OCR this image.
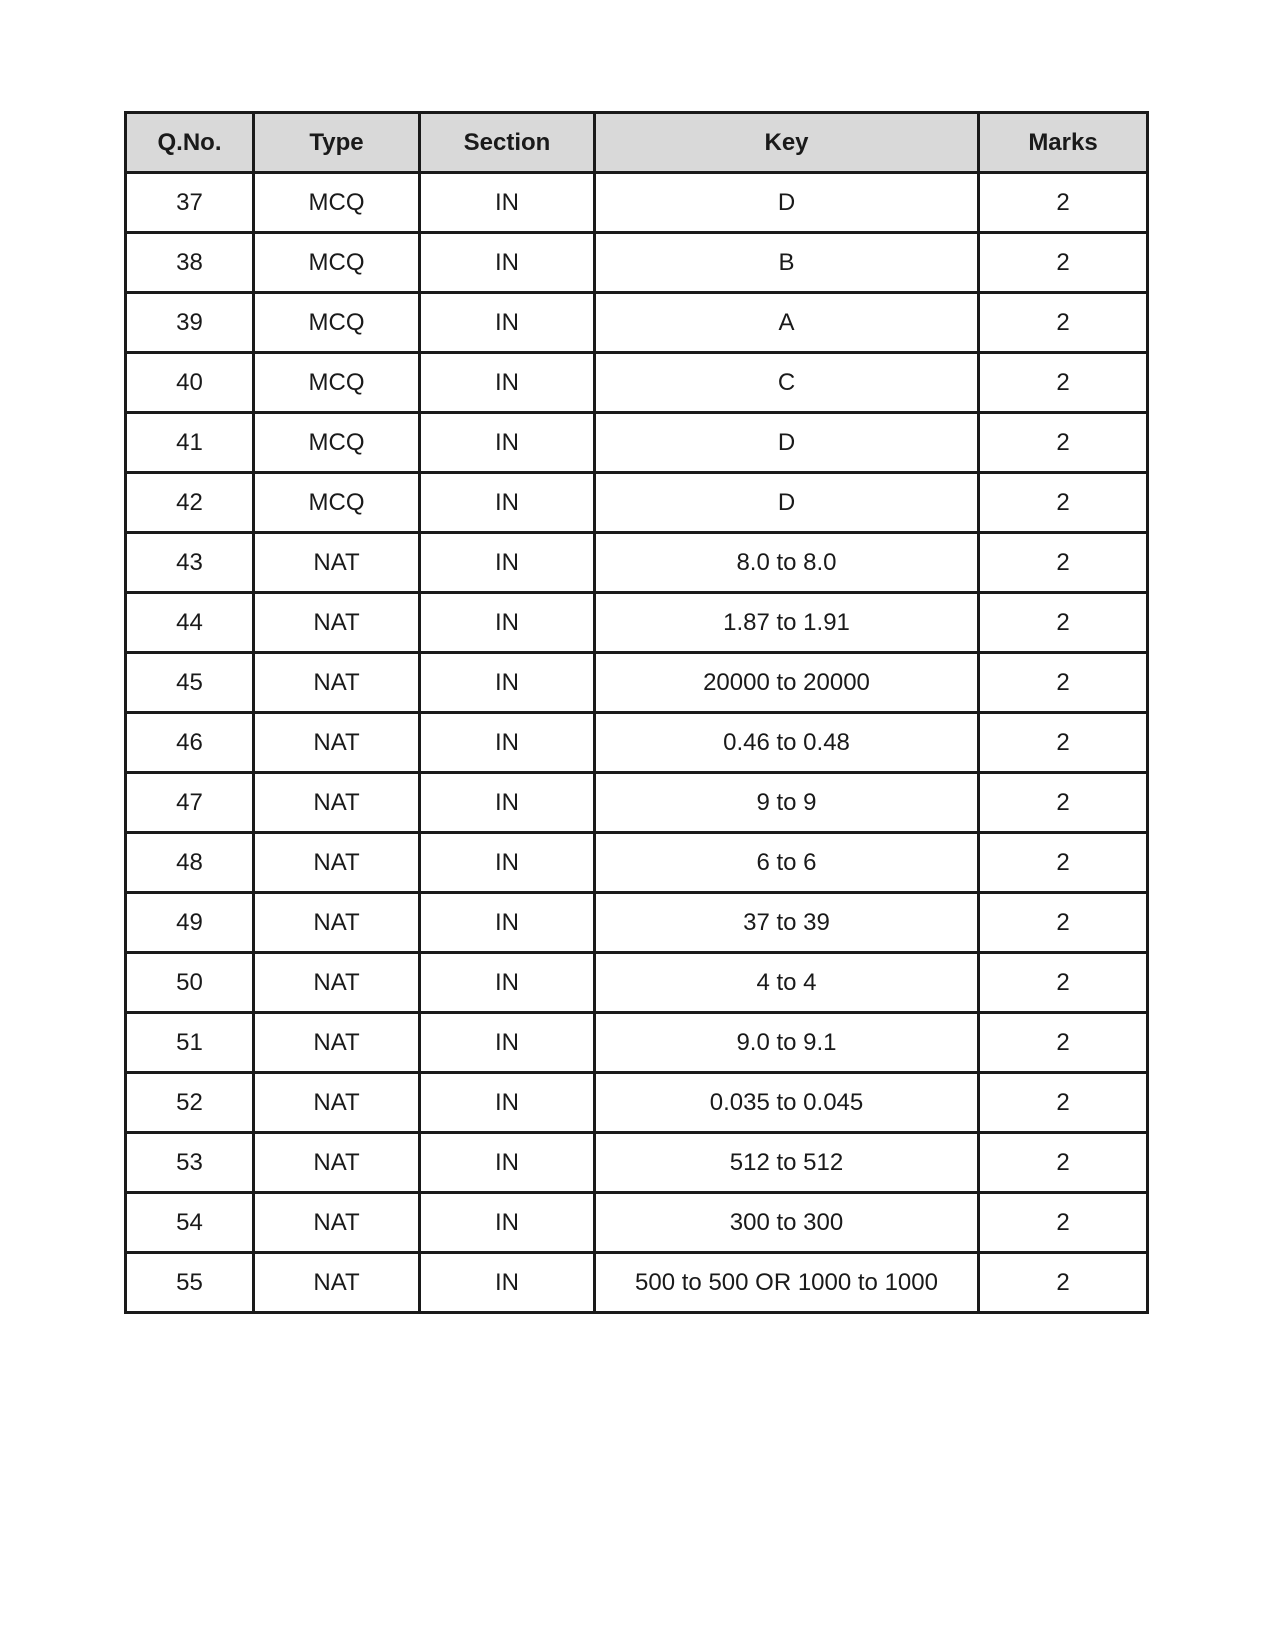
Q.No.	Type	Section	Key	Marks
37	MCQ	IN	D	2
38	MCQ	IN	B	2
39	MCQ	IN	A	2
40	MCQ	IN	C	2
41	MCQ	IN	D	2
42	MCQ	IN	D	2
43	NAT	IN	8.0 to 8.0	2
44	NAT	IN	1.87 to 1.91	2
45	NAT	IN	20000 to 20000	2
46	NAT	IN	0.46 to 0.48	2
47	NAT	IN	9 to 9	2
48	NAT	IN	6 to 6	2
49	NAT	IN	37 to 39	2
50	NAT	IN	4 to 4	2
51	NAT	IN	9.0 to 9.1	2
52	NAT	IN	0.035 to 0.045	2
53	NAT	IN	512 to 512	2
54	NAT	IN	300 to 300	2
55	NAT	IN	500 to 500 OR 1000 to 1000	2
